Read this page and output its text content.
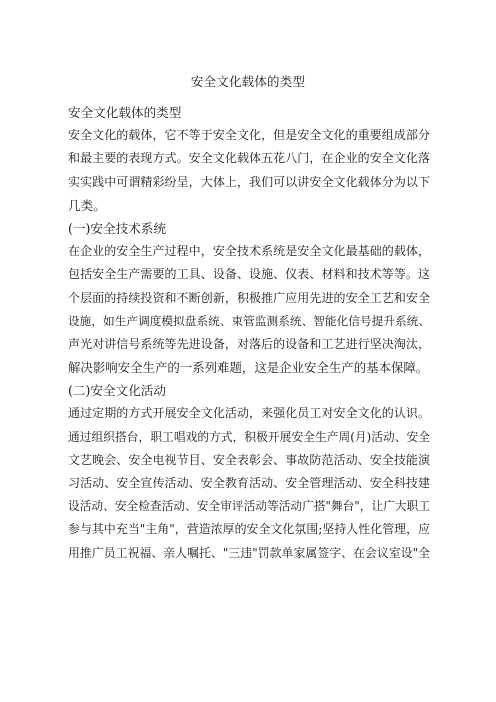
安全文化载体的类型
安全文化载体的类型
安全文化的载体，它不等于安全文化，但是安全文化的重要组成部分
和最主要的表现方式。安全文化载体五花八门，在企业的安全文化落
实实践中可谓精彩纷呈，大体上，我们可以讲安全文化载体分为以下
几类。
(一)安全技术系统
在企业的安全生产过程中，安全技术系统是安全文化最基础的载体，
包括安全生产需要的工具、设备、设施、仪表、材料和技术等等。这
个层面的持续投资和不断创新，积极推广应用先进的安全工艺和安全
设施，如生产调度模拟盘系统、束管监测系统、智能化信号提升系统、
声光对讲信号系统等先进设备，对落后的设备和工艺进行坚决淘汰，
解决影响安全生产的一系列难题，这是企业安全生产的基本保障。
(二)安全文化活动
通过定期的方式开展安全文化活动，来强化员工对安全文化的认识。
通过组织搭台，职工唱戏的方式，积极开展安全生产周(月)活动、安全
文艺晚会、安全电视节目、安全表彰会、事故防范活动、安全技能演
习活动、安全宣传活动、安全教育活动、安全管理活动、安全科技建
设活动、安全检查活动、安全审评活动等活动广搭"舞台"，让广大职工
参与其中充当"主角"，营造浓厚的安全文化氛围;坚持人性化管理，应
用推广员工祝福、亲人嘱托、"三违"罚款单家属签字、在会议室设"全
